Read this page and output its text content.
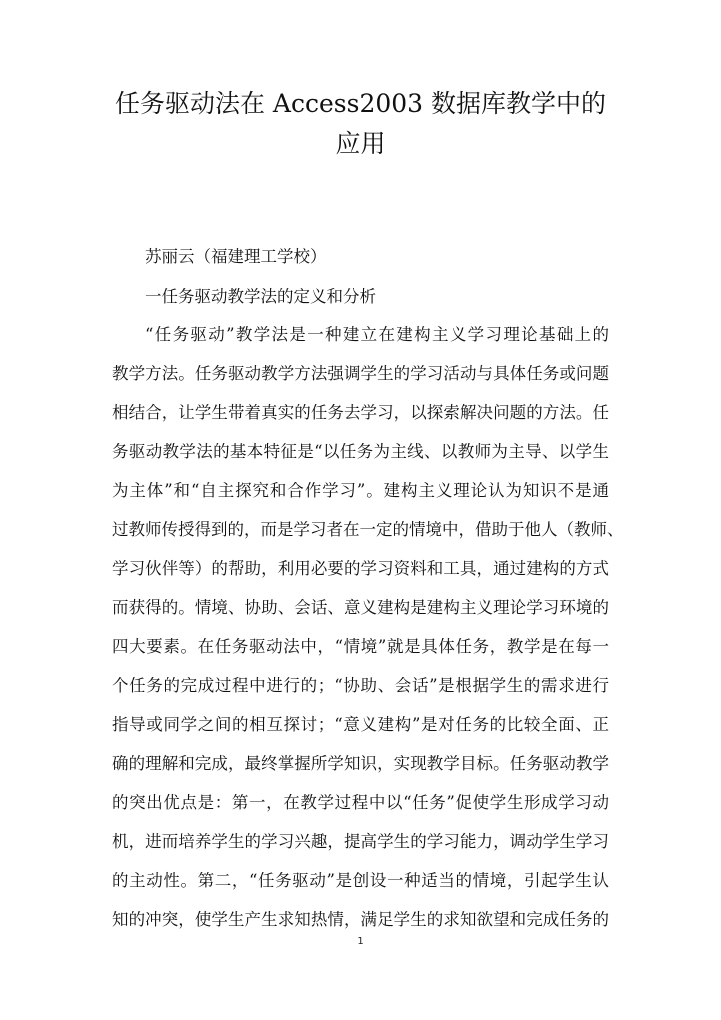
任务驱动法在 Access2003 数据库教学中的
应用

苏丽云（福建理工学校）

一任务驱动教学法的定义和分析

“任务驱动”教学法是一种建立在建构主义学习理论基础上的

教学方法。任务驱动教学方法强调学生的学习活动与具体任务或问题

相结合，让学生带着真实的任务去学习，以探索解决问题的方法。任

务驱动教学法的基本特征是“以任务为主线、以教师为主导、以学生

为主体”和“自主探究和合作学习”。建构主义理论认为知识不是通

过教师传授得到的，而是学习者在一定的情境中，借助于他人（教师、

学习伙伴等）的帮助，利用必要的学习资料和工具，通过建构的方式

而获得的。情境、协助、会话、意义建构是建构主义理论学习环境的

四大要素。在任务驱动法中，“情境”就是具体任务，教学是在每一

个任务的完成过程中进行的；“协助、会话”是根据学生的需求进行

指导或同学之间的相互探讨；“意义建构”是对任务的比较全面、正

确的理解和完成，最终掌握所学知识，实现教学目标。任务驱动教学

的突出优点是：第一，在教学过程中以“任务”促使学生形成学习动

机，进而培养学生的学习兴趣，提高学生的学习能力，调动学生学习

的主动性。第二，“任务驱动”是创设一种适当的情境，引起学生认

知的冲突，使学生产生求知热情，满足学生的求知欲望和完成任务的

1
